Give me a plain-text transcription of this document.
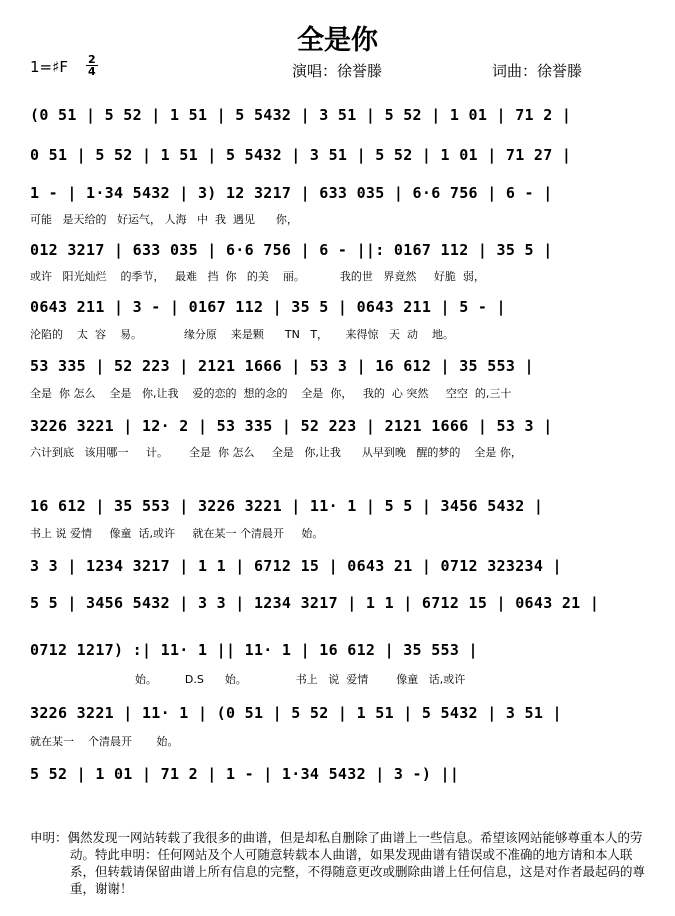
全是你
1=♯F 2
4	演唱：徐誉滕	词曲：徐誉滕
(0 51 | 5 52 | 1 51 | 5 5432 | 3 51 | 5 52 | 1 01 | 71 2 |
0 51 | 5 52 | 1 51 | 5 5432 | 3 51 | 5 52 | 1 01 | 71 27 |
1 - | 1·34 5432 | 3) 12 3217 | 633 035 | 6·6 756 | 6 - |
可能   是天给的   好运气， 人海   中  我  遇见      你，
012 3217 | 633 035 | 6·6 756 | 6 - ||: 0167 112 | 35 5 |
或许   阳光灿烂    的季节，   最难   挡  你   的美    丽。          我的世   界竟然     好脆  弱，
0643 211 | 3 - | 0167 112 | 35 5 | 0643 211 | 5 - |
沦陷的    太  容    易。            缘分原    来是颗      TN   T，     来得惊   天  动    地。
53 335 | 52 223 | 2121 1666 | 53 3 | 16 612 | 35 553 |
全是  你 怎么    全是   你,让我    爱的恋的  想的念的    全是  你，   我的  心 突然     空空  的,三十
3226 3221 | 12· 2 | 53 335 | 52 223 | 2121 1666 | 53 3 |
六计到底   该用哪一     计。      全是  你 怎么     全是   你,让我      从早到晚   醒的梦的    全是 你，
16 612 | 35 553 | 3226 3221 | 11· 1 | 5 5 | 3456 5432 |
书上 说 爱情     像童  话,或许     就在某一 个清晨开     始。
3 3 | 1234 3217 | 1 1 | 6712 15 | 0643 21 | 0712 323234 |
5 5 | 3456 5432 | 3 3 | 1234 3217 | 1 1 | 6712 15 | 0643 21 |
0712 1217) :| 11· 1 || 11· 1 | 16 612 | 35 553 |
始。        D.S      始。              书上   说  爱情        像童   话,或许
3226 3221 | 11· 1 | (0 51 | 5 52 | 1 51 | 5 5432 | 3 51 |
就在某一    个清晨开       始。
5 52 | 1 01 | 71 2 | 1 - | 1·34 5432 | 3 -) ||
申明：偶然发现一网站转载了我很多的曲谱，但是却私自删除了曲谱上一些信息。希望该网站能够尊重本人的劳动。特此申明：任何网站及个人可随意转载本人曲谱，如果发现曲谱有错误或不准确的地方请和本人联系，但转载请保留曲谱上所有信息的完整，不得随意更改或删除曲谱上任何信息，这是对作者最起码的尊重，谢谢！
